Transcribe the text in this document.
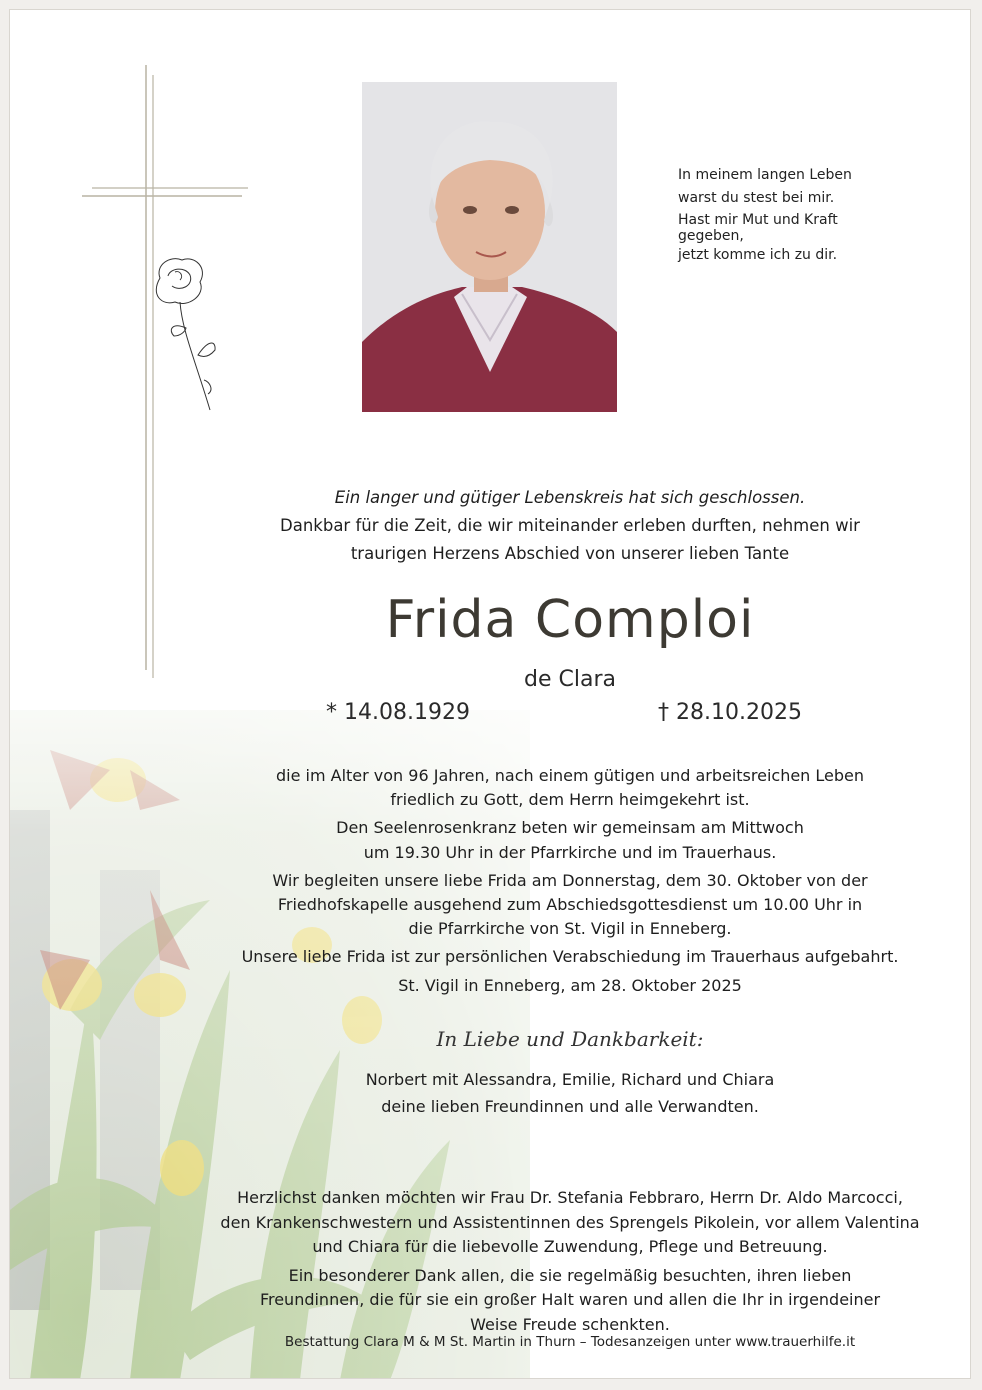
In meinem langen Leben
warst du stest bei mir.
Hast mir Mut und Kraft
gegeben,
jetzt komme ich zu dir.
Ein langer und gütiger Lebenskreis hat sich geschlossen.
Dankbar für die Zeit, die wir miteinander erleben durften, nehmen wir
traurigen Herzens Abschied von unserer lieben Tante
Frida Comploi
de Clara
* 14.08.1929	† 28.10.2025
die im Alter von 96 Jahren, nach einem gütigen und arbeitsreichen Leben
friedlich zu Gott, dem Herrn heimgekehrt ist.
Den Seelenrosenkranz beten wir gemeinsam am Mittwoch
um 19.30 Uhr in der Pfarrkirche und im Trauerhaus.
Wir begleiten unsere liebe Frida am Donnerstag, dem 30. Oktober von der
Friedhofskapelle ausgehend zum Abschiedsgottesdienst um 10.00 Uhr in
die Pfarrkirche von St. Vigil in Enneberg.
Unsere liebe Frida ist zur persönlichen Verabschiedung im Trauerhaus aufgebahrt.
St. Vigil in Enneberg, am 28. Oktober 2025
In Liebe und Dankbarkeit:
Norbert mit Alessandra, Emilie, Richard und Chiara
deine lieben Freundinnen und alle Verwandten.
Herzlichst danken möchten wir Frau Dr. Stefania Febbraro, Herrn Dr. Aldo Marcocci,
den Krankenschwestern und Assistentinnen des Sprengels Pikolein, vor allem Valentina
und Chiara für die liebevolle Zuwendung, Pflege und Betreuung.
Ein besonderer Dank allen, die sie regelmäßig besuchten, ihren lieben
Freundinnen, die für sie ein großer Halt waren und allen die Ihr in irgendeiner
Weise Freude schenkten.
Bestattung Clara M & M St. Martin in Thurn – Todesanzeigen unter www.trauerhilfe.it
